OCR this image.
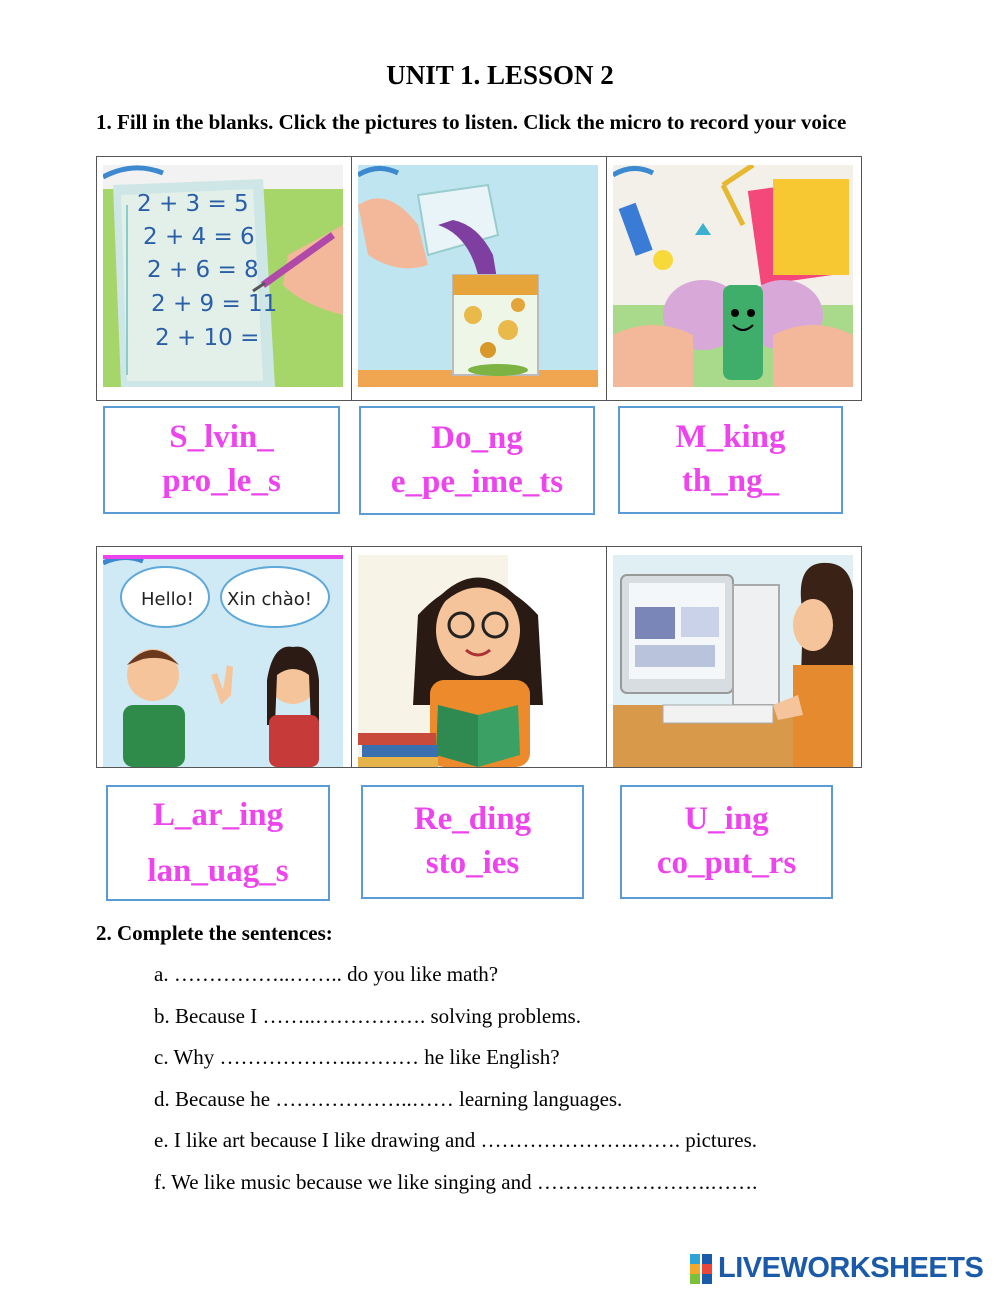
UNIT 1. LESSON 2
1. Fill in the blanks. Click the pictures to listen. Click the micro to record your voice
2 + 3 = 5
2 + 4 = 6
2 + 6 = 8
2 + 9 = 11
2 + 10 =
S_lvin_
pro_le_s
Do_ng
e_pe_ime_ts
M_king
th_ng_
Hello! Xin chào!
L_ar_ing
lan_uag_s
Re_ding
sto_ies
U_ing
co_put_rs
2. Complete the sentences:
a. ……………..…….. do you like math?
b. Because I ……..……………. solving problems.
c. Why ………………..……… he like English?
d. Because he ………………..…… learning languages.
e. I like art because I like drawing and ………………….……. pictures.
f. We like music because we like singing and …………………….…….
LIVEWORKSHEETS
